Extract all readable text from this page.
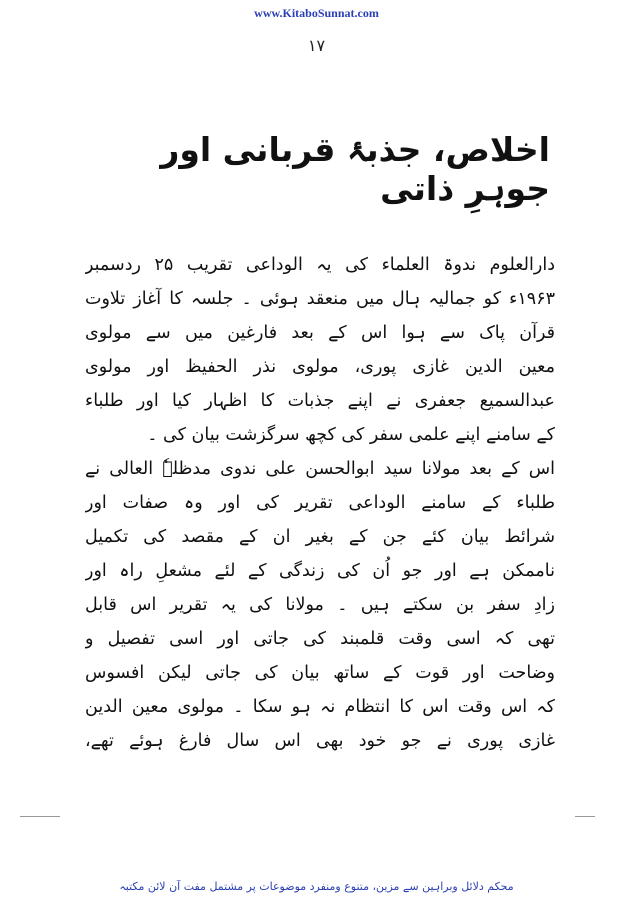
www.KitaboSunnat.com
۱۷
اخلاص، جذبۂ قربانی اور جوہرِ ذاتی
دارالعلوم ندوۃ العلماء کی یہ الوداعی تقریب ۲۵ ردسمبر
۱۹۶۳ء کو جمالیہ ہال میں منعقد ہوئی ۔ جلسہ کا آغاز تلاوت
قرآن پاک سے ہوا اس کے بعد فارغین میں سے مولوی
معین الدین غازی پوری، مولوی نذر الحفیظ اور مولوی
عبدالسمیع جعفری نے اپنے جذبات کا اظہار کیا اور طلباء
کے سامنے اپنے علمی سفر کی کچھ سرگزشت بیان کی ۔
اس کے بعد مولانا سید ابوالحسن علی ندوی مدظلہٗ العالی نے
طلباء کے سامنے الوداعی تقریر کی اور وہ صفات اور
شرائط بیان کئے جن کے بغیر ان کے مقصد کی تکمیل
ناممکن ہے اور جو اُن کی زندگی کے لئے مشعلِ راہ اور
زادِ سفر بن سکتے ہیں ۔ مولانا کی یہ تقریر اس قابل
تھی کہ اسی وقت قلمبند کی جاتی اور اسی تفصیل و
وضاحت اور قوت کے ساتھ بیان کی جاتی لیکن افسوس
کہ اس وقت اس کا انتظام نہ ہو سکا ۔ مولوی معین الدین
غازی پوری نے جو خود بھی اس سال فارغ ہوئے تھے،
محکم دلائل وبراہین سے مزین، متنوع ومنفرد موضوعات پر مشتمل مفت آن لائن مکتبہ
